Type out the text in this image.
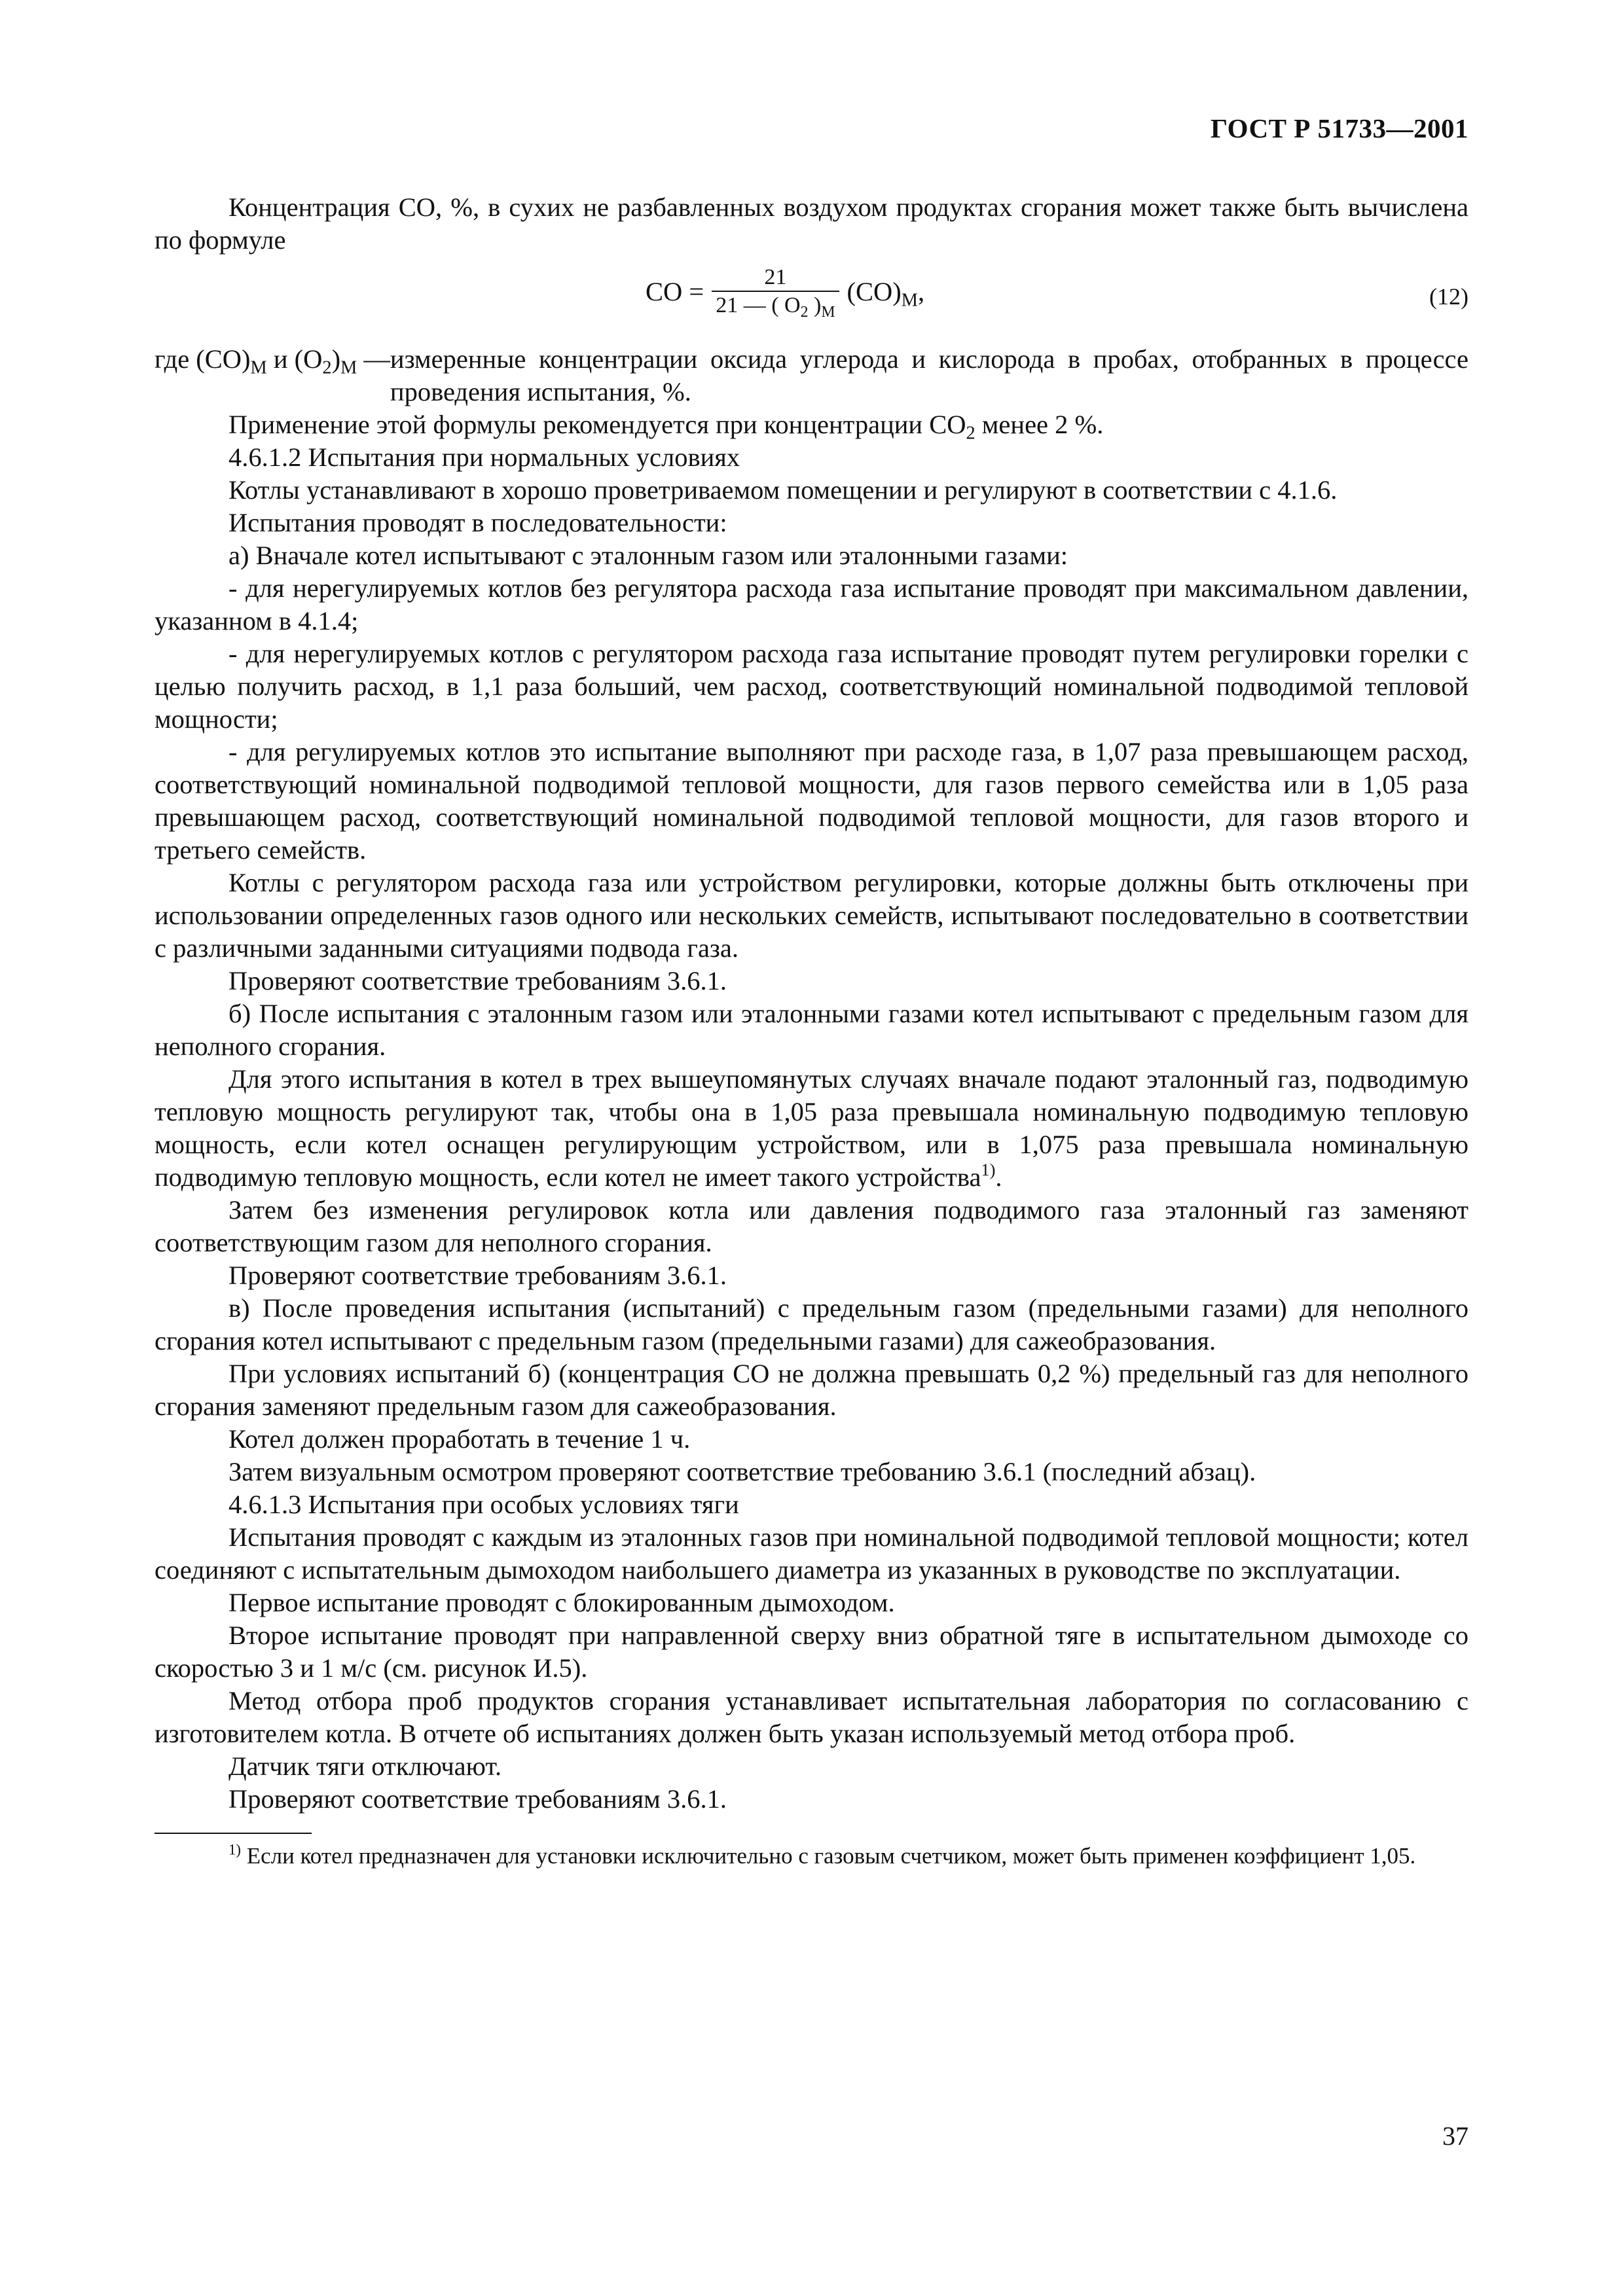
ГОСТ Р 51733—2001

Концентрация СО, %, в сухих не разбавленных воздухом продуктах сгорания может также быть вычислена по формуле

СО = $\frac{21}{21 — ( О_2 )_М} (СО)_М$,	(12)
где $(СО)_М$ и $(О_2)_М$ — измеренные концентрации оксида углерода и кислорода в пробах, отобранных в процессе проведения испытания, %.

Применение этой формулы рекомендуется при концентрации $СО_2$ менее 2 %.

4.6.1.2 Испытания при нормальных условиях

Котлы устанавливают в хорошо проветриваемом помещении и регулируют в соответствии с 4.1.6.

Испытания проводят в последовательности:

а) Вначале котел испытывают с эталонным газом или эталонными газами:

- для нерегулируемых котлов без регулятора расхода газа испытание проводят при максимальном давлении, указанном в 4.1.4;

- для нерегулируемых котлов с регулятором расхода газа испытание проводят путем регулировки горелки с целью получить расход, в 1,1 раза больший, чем расход, соответствующий номинальной подводимой тепловой мощности;

- для регулируемых котлов это испытание выполняют при расходе газа, в 1,07 раза превышающем расход, соответствующий номинальной подводимой тепловой мощности, для газов первого семейства или в 1,05 раза превышающем расход, соответствующий номинальной подводимой тепловой мощности, для газов второго и третьего семейств.

Котлы с регулятором расхода газа или устройством регулировки, которые должны быть отключены при использовании определенных газов одного или нескольких семейств, испытывают последовательно в соответствии с различными заданными ситуациями подвода газа.

Проверяют соответствие требованиям 3.6.1.

б) После испытания с эталонным газом или эталонными газами котел испытывают с предельным газом для неполного сгорания.

Для этого испытания в котел в трех вышеупомянутых случаях вначале подают эталонный газ, подводимую тепловую мощность регулируют так, чтобы она в 1,05 раза превышала номинальную подводимую тепловую мощность, если котел оснащен регулирующим устройством, или в 1,075 раза превышала номинальную подводимую тепловую мощность, если котел не имеет такого устройства$^{1)}$.

Затем без изменения регулировок котла или давления подводимого газа эталонный газ заменяют соответствующим газом для неполного сгорания.

Проверяют соответствие требованиям 3.6.1.

в) После проведения испытания (испытаний) с предельным газом (предельными газами) для неполного сгорания котел испытывают с предельным газом (предельными газами) для сажеобразования.

При условиях испытаний б) (концентрация СО не должна превышать 0,2 %) предельный газ для неполного сгорания заменяют предельным газом для сажеобразования.

Котел должен проработать в течение 1 ч.

Затем визуальным осмотром проверяют соответствие требованию 3.6.1 (последний абзац).

4.6.1.3 Испытания при особых условиях тяги

Испытания проводят с каждым из эталонных газов при номинальной подводимой тепловой мощности; котел соединяют с испытательным дымоходом наибольшего диаметра из указанных в руководстве по эксплуатации.

Первое испытание проводят с блокированным дымоходом.

Второе испытание проводят при направленной сверху вниз обратной тяге в испытательном дымоходе со скоростью 3 и 1 м/с (см. рисунок И.5).

Метод отбора проб продуктов сгорания устанавливает испытательная лаборатория по согласованию с изготовителем котла. В отчете об испытаниях должен быть указан используемый метод отбора проб.

Датчик тяги отключают.

Проверяют соответствие требованиям 3.6.1.

$^{1)}$ Если котел предназначен для установки исключительно с газовым счетчиком, может быть применен коэффициент 1,05.

37
